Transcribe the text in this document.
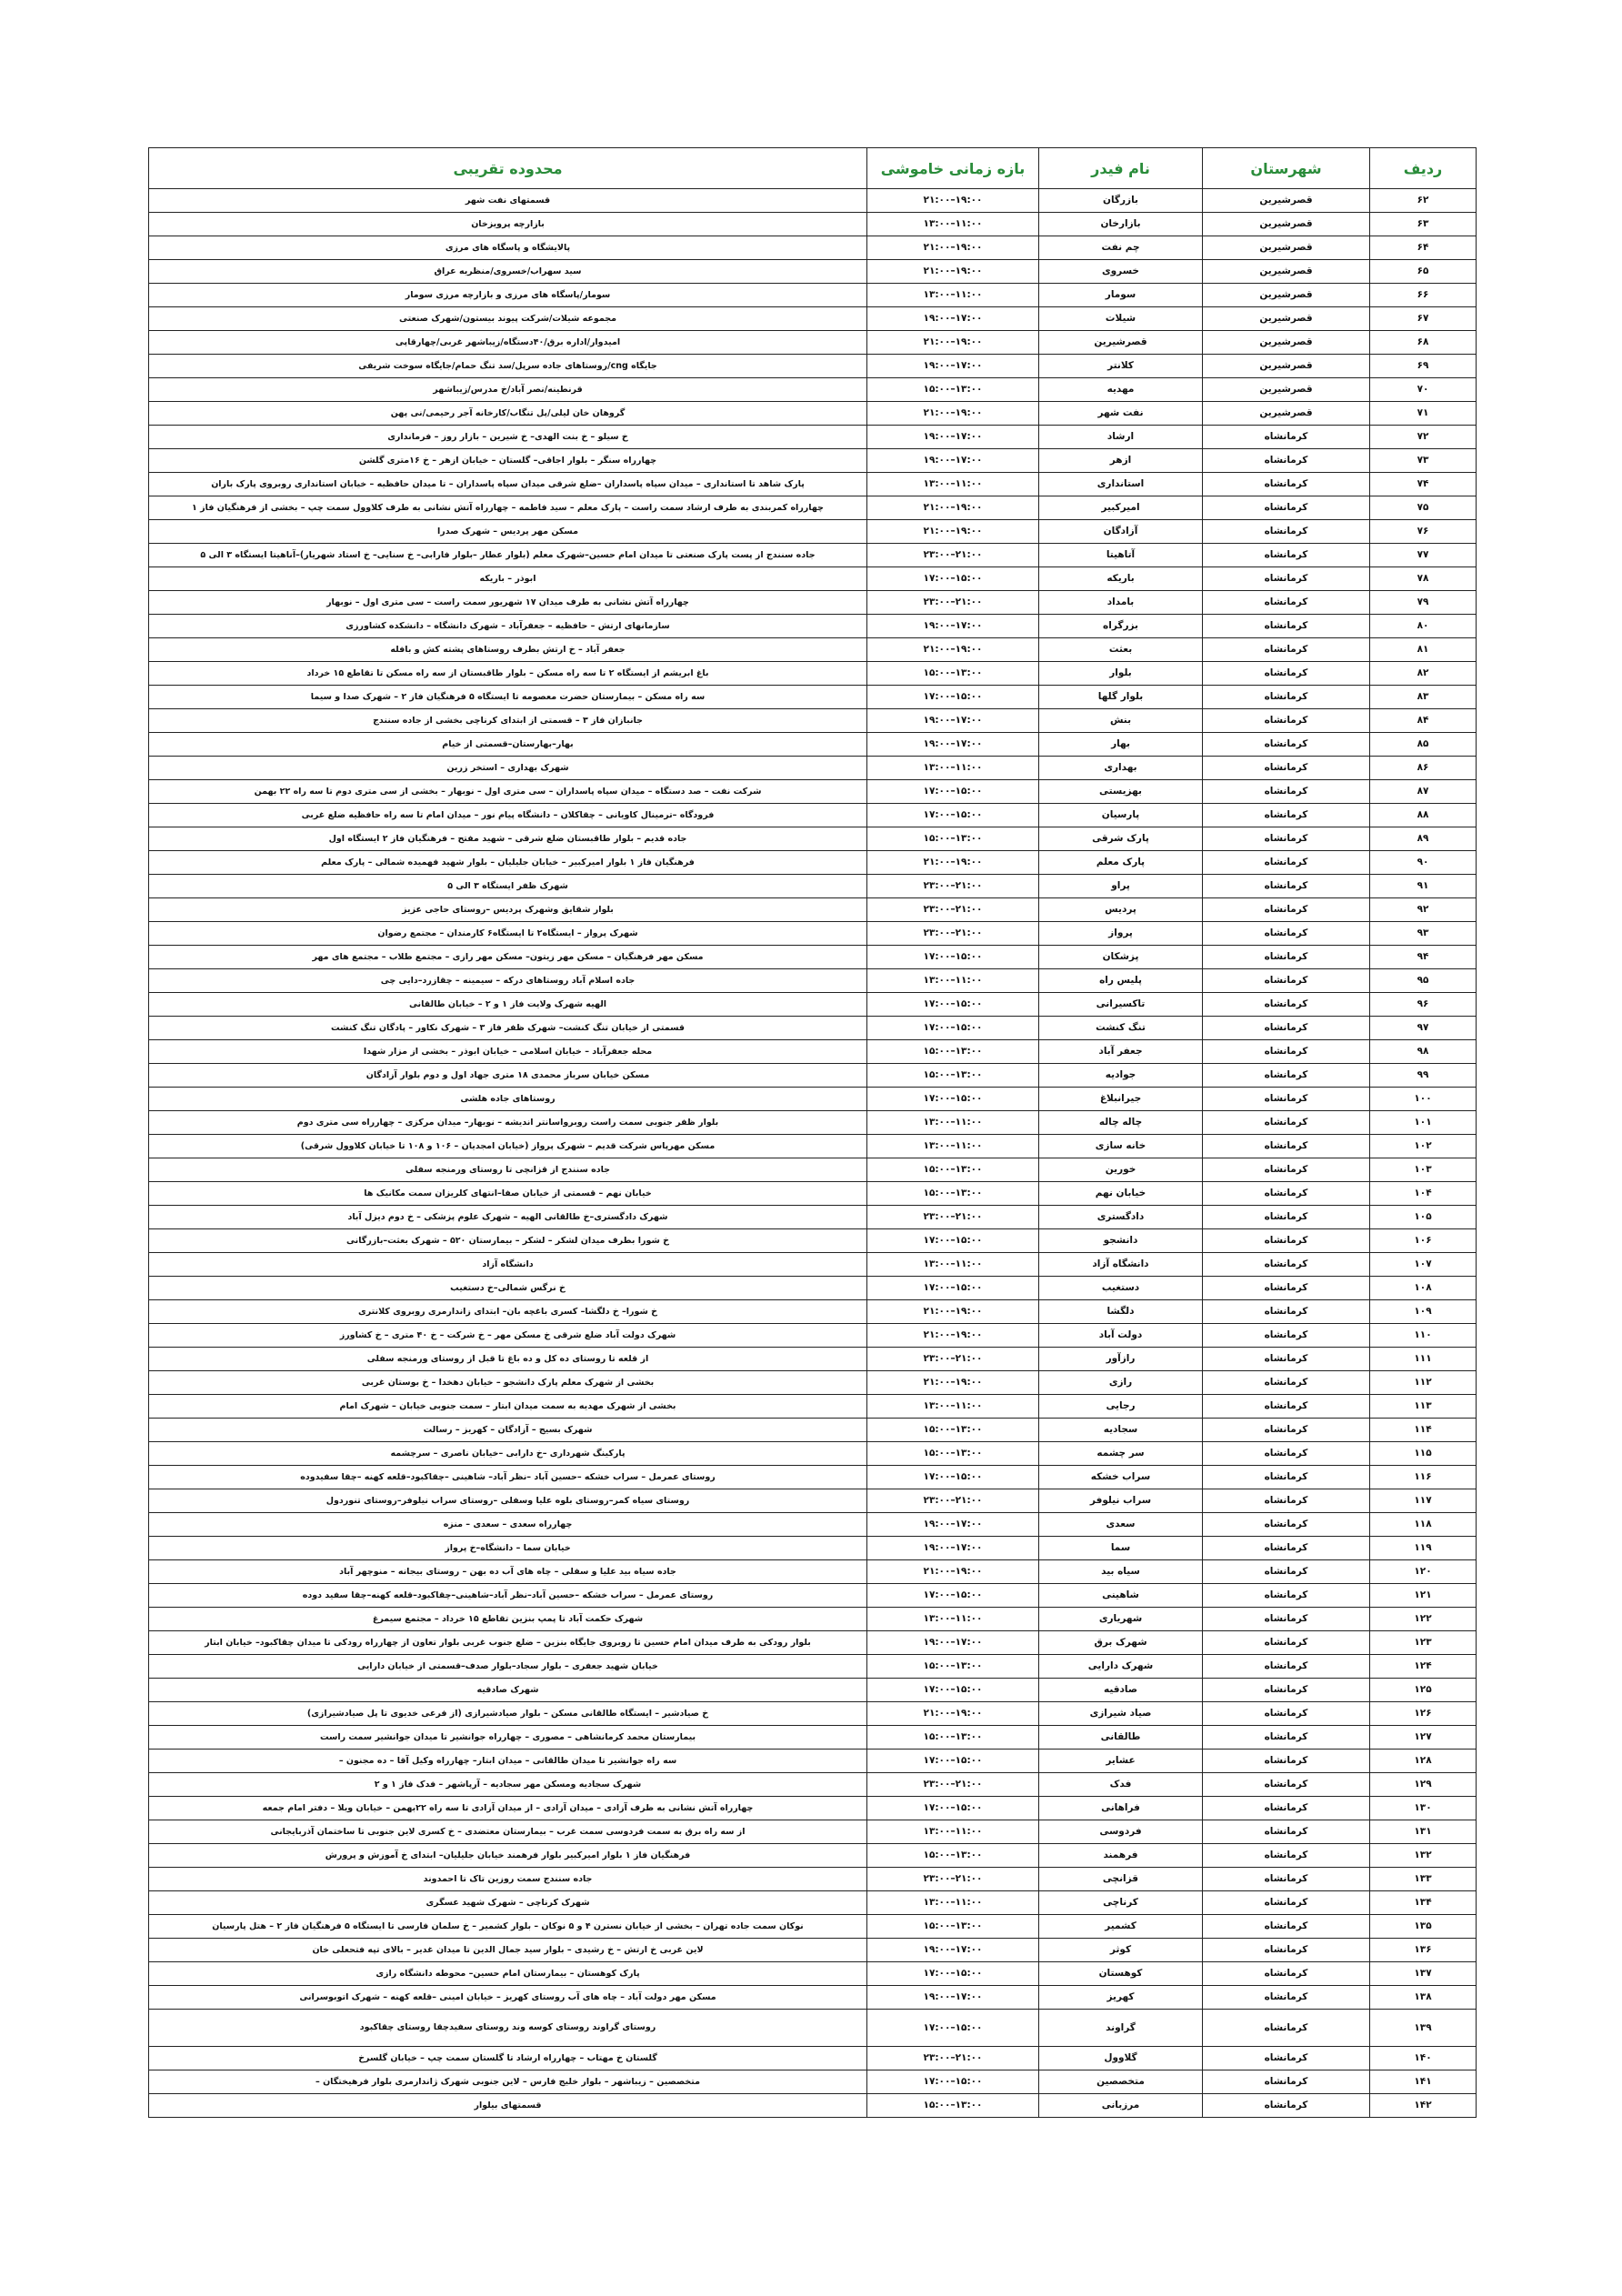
ردیف	شهرستان	نام فیدر	بازه زمانی خاموشی	محدوده تقریبی
۶۲	قصرشیرین	بازرگان	۱۹:۰۰–۲۱:۰۰	قسمتهای نفت شهر
۶۳	قصرشیرین	بازارخان	۱۱:۰۰–۱۳:۰۰	بازارچه پرویزخان
۶۴	قصرشیرین	چم نفت	۱۹:۰۰–۲۱:۰۰	پالایشگاه و پاسگاه های مرزی
۶۵	قصرشیرین	خسروی	۱۹:۰۰–۲۱:۰۰	سید سهراب/خسروی/منظریه عراق
۶۶	قصرشیرین	سومار	۱۱:۰۰–۱۳:۰۰	سومار/پاسگاه های مرزی و بازارچه مرزی سومار
۶۷	قصرشیرین	شیلات	۱۷:۰۰–۱۹:۰۰	مجموعه شیلات/شرکت پیوند بیستون/شهرک صنعتی
۶۸	قصرشیرین	قصرشیرین	۱۹:۰۰–۲۱:۰۰	امیدوار/اداره برق/۴۰دستگاه/زیباشهر غربی/چهارقاپی
۶۹	قصرشیرین	کلانتر	۱۷:۰۰–۱۹:۰۰	جایگاه cng/روستاهای جاده سرپل/سد تنگ حمام/جایگاه سوخت شریفی
۷۰	قصرشیرین	مهدیه	۱۳:۰۰–۱۵:۰۰	قرنطینه/نصر آباد/خ مدرس/زیباشهر
۷۱	قصرشیرین	نفت شهر	۱۹:۰۰–۲۱:۰۰	گروهان خان لیلی/پل تنگاب/کارخانه آجر رحیمی/نی پهن
۷۲	کرمانشاه	ارشاد	۱۷:۰۰–۱۹:۰۰	خ سیلو – خ بنت الهدی– خ شیرین – بازار روز – فرمانداری
۷۳	کرمانشاه	ازهر	۱۷:۰۰–۱۹:۰۰	چهارراه سنگر – بلوار اجاقی– گلستان – خیابان ازهر – خ ۱۶متری گلشن
۷۴	کرمانشاه	استانداری	۱۱:۰۰–۱۳:۰۰	پارک شاهد تا استانداری – میدان سپاه پاسداران –ضلع شرقی میدان سپاه پاسداران – تا میدان حافظیه – خیابان استانداری روبروی پارک باران
۷۵	کرمانشاه	امیرکبیر	۱۹:۰۰–۲۱:۰۰	چهارراه کمربندی به طرف ارشاد سمت راست – پارک معلم – سید فاطمه – چهارراه آتش نشانی به طرف کلاوول سمت چپ – بخشی از فرهنگیان فاز ۱
۷۶	کرمانشاه	آزادگان	۱۹:۰۰–۲۱:۰۰	مسکن مهر پردیس – شهرک صدرا
۷۷	کرمانشاه	آتاهیتا	۲۱:۰۰–۲۳:۰۰	جاده سنندج از پست پارک صنعتی تا میدان امام حسین–شهرک معلم (بلوار عطار –بلوار فارابی– خ سنایی– خ استاد شهریار)–آناهیتا ایستگاه ۳ الی ۵
۷۸	کرمانشاه	باریکه	۱۵:۰۰–۱۷:۰۰	ابوذر – باریکه
۷۹	کرمانشاه	بامداد	۲۱:۰۰–۲۳:۰۰	چهارراه آتش نشانی به طرف میدان ۱۷ شهریور سمت راست – سی متری اول – نوبهار
۸۰	کرمانشاه	بزرگراه	۱۷:۰۰–۱۹:۰۰	سازمانهای ارتش – حافظیه – جعفرآباد – شهرک دانشگاه – دانشکده کشاورزی
۸۱	کرمانشاه	بعثت	۱۹:۰۰–۲۱:۰۰	جعفر آباد – خ ارتش بطرف روستاهای پشته کش و بافله
۸۲	کرمانشاه	بلوار	۱۳:۰۰–۱۵:۰۰	باغ ابریشم از ایستگاه ۲ تا سه راه مسکن – بلوار طاقبستان از سه راه مسکن تا تقاطع ۱۵ خرداد
۸۳	کرمانشاه	بلوار گلها	۱۵:۰۰–۱۷:۰۰	سه راه مسکن – بیمارستان حضرت معصومه تا ایستگاه ۵ فرهنگیان فاز ۲ – شهرک صدا و سیما
۸۴	کرمانشاه	بنش	۱۷:۰۰–۱۹:۰۰	جانبازان فاز ۳ – قسمتی از ابتدای کرناچی بخشی از جاده سنندج
۸۵	کرمانشاه	بهار	۱۷:۰۰–۱۹:۰۰	بهار–بهارستان–قسمتی از خیام
۸۶	کرمانشاه	بهداری	۱۱:۰۰–۱۳:۰۰	شهرک بهداری – استخر زرین
۸۷	کرمانشاه	بهزیستی	۱۵:۰۰–۱۷:۰۰	شرکت نفت – صد دستگاه – میدان سپاه پاسداران – سی متری اول – نوبهار – بخشی از سی متری دوم تا سه راه ۲۲ بهمن
۸۸	کرمانشاه	پارسیان	۱۵:۰۰–۱۷:۰۰	فرودگاه –ترمینال کاویانی – چقاکلان – دانشگاه پیام نور – میدان امام تا سه راه حافظیه ضلع غربی
۸۹	کرمانشاه	پارک شرقی	۱۳:۰۰–۱۵:۰۰	جاده قدیم – بلوار طاقبستان ضلع شرقی – شهید مفتح – فرهنگیان فاز ۲ ایستگاه اول
۹۰	کرمانشاه	پارک معلم	۱۹:۰۰–۲۱:۰۰	فرهنگیان فاز ۱ بلوار امیرکبیر – خیابان جلیلیان – بلوار شهید فهمیده شمالی – پارک معلم
۹۱	کرمانشاه	پراو	۲۱:۰۰–۲۳:۰۰	شهرک ظفر ایستگاه ۳ الی ۵
۹۲	کرمانشاه	پردیس	۲۱:۰۰–۲۳:۰۰	بلوار شقایق وشهرک پردیس –روستای حاجی عزیز
۹۳	کرمانشاه	پرواز	۲۱:۰۰–۲۳:۰۰	شهرک پرواز – ایستگاه۲ تا ایستگاه۶ کارمندان – مجتمع رضوان
۹۴	کرمانشاه	پزشکان	۱۵:۰۰–۱۷:۰۰	مسکن مهر فرهنگیان – مسکن مهر زیتون– مسکن مهر رازی – مجتمع طلاب – مجتمع های مهر
۹۵	کرمانشاه	پلیس راه	۱۱:۰۰–۱۳:۰۰	جاده اسلام آباد روستاهای درکه – سیمینه – چقازرد–دایی چی
۹۶	کرمانشاه	تاکسیرانی	۱۵:۰۰–۱۷:۰۰	الهیه شهرک ولایت فاز ۱ و ۲ – خیابان طالقانی
۹۷	کرمانشاه	تنگ کنشت	۱۵:۰۰–۱۷:۰۰	قسمتی از خیابان تنگ کنشت– شهرک ظفر فاز ۳ – شهرک نکاور – پادگان تنگ کنشت
۹۸	کرمانشاه	جعفر آباد	۱۳:۰۰–۱۵:۰۰	محله جعفرآباد – خیابان اسلامی – خیابان ابوذر – بخشی از مزار شهدا
۹۹	کرمانشاه	جوادیه	۱۳:۰۰–۱۵:۰۰	مسکن خیابان سرباز محمدی ۱۸ متری جهاد اول و دوم بلوار آزادگان
۱۰۰	کرمانشاه	جیرانبلاغ	۱۵:۰۰–۱۷:۰۰	روستاهای جاده هلشی
۱۰۱	کرمانشاه	چاله چاله	۱۱:۰۰–۱۳:۰۰	بلوار ظفر جنوبی سمت راست روبرواسانتر اندیشه – نوبهار– میدان مرکزی – چهارراه سی متری دوم
۱۰۲	کرمانشاه	خانه سازی	۱۱:۰۰–۱۳:۰۰	مسکن مهرپاس شرکت قدیم – شهرک پرواز (خیابان امجدیان – ۱۰۶ و ۱۰۸ تا خیابان کلاوول شرقی)
۱۰۳	کرمانشاه	خورین	۱۳:۰۰–۱۵:۰۰	جاده سنندج از قزانچی تا روستای ورمنجه سفلی
۱۰۴	کرمانشاه	خیابان نهم	۱۳:۰۰–۱۵:۰۰	خیابان نهم – قسمتی از خیابان صفا–انتهای کلریزان سمت مکانیک ها
۱۰۵	کرمانشاه	دادگستری	۲۱:۰۰–۲۳:۰۰	شهرک دادگستری–خ طالقانی الهیه – شهرک علوم پزشکی – خ دوم دیزل آباد
۱۰۶	کرمانشاه	دانشجو	۱۵:۰۰–۱۷:۰۰	خ شورا بطرف میدان لشکر – لشکر – بیمارستان ۵۲۰ – شهرک بعثت–بازرگانی
۱۰۷	کرمانشاه	دانشگاه آزاد	۱۱:۰۰–۱۳:۰۰	دانشگاه آزاد
۱۰۸	کرمانشاه	دستغیب	۱۵:۰۰–۱۷:۰۰	خ نرگس شمالی–خ دستغیب
۱۰۹	کرمانشاه	دلگشا	۱۹:۰۰–۲۱:۰۰	خ شورا– خ دلگشا– کسری باغچه بان– ابتدای زاندارمری روبروی کلانتری
۱۱۰	کرمانشاه	دولت آباد	۱۹:۰۰–۲۱:۰۰	شهرک دولت آباد ضلع شرقی خ مسکن مهر – خ شرکت – خ ۴۰ متری – خ کشاورز
۱۱۱	کرمانشاه	رازآور	۲۱:۰۰–۲۳:۰۰	از قلعه تا روستای ده کل و ده باغ تا قبل از روستای ورمنجه سفلی
۱۱۲	کرمانشاه	رازی	۱۹:۰۰–۲۱:۰۰	بخشی از شهرک معلم پارک دانشجو – خیابان دهخدا – خ بوستان غربی
۱۱۳	کرمانشاه	رجایی	۱۱:۰۰–۱۳:۰۰	بخشی از شهرک مهدیه به سمت میدان ابتار – سمت جنوبی خیابان – شهرک امام
۱۱۴	کرمانشاه	سجادیه	۱۳:۰۰–۱۵:۰۰	شهرک بسیج – آزادگان – کهریز – رسالت
۱۱۵	کرمانشاه	سر چشمه	۱۳:۰۰–۱۵:۰۰	پارکینگ شهرداری –خ دارابی –خیابان ناصری – سرچشمه
۱۱۶	کرمانشاه	سراب خشکه	۱۵:۰۰–۱۷:۰۰	روستای عمرمل – سراب خشکه –حسین آباد –نظر آباد– شاهینی –چقاکبود–قلعه کهنه –چقا سفیدوده
۱۱۷	کرمانشاه	سراب نیلوفر	۲۱:۰۰–۲۳:۰۰	روستای سیاه کمر–روستای بلوه علیا وسفلی –روستای سراب نیلوفر–روستای تنوردول
۱۱۸	کرمانشاه	سعدی	۱۷:۰۰–۱۹:۰۰	چهارراه سعدی – سعدی – منزه
۱۱۹	کرمانشاه	سما	۱۷:۰۰–۱۹:۰۰	خیابان سما – دانشگاه–خ پرواز
۱۲۰	کرمانشاه	سیاه بید	۱۹:۰۰–۲۱:۰۰	جاده سیاه بید علیا و سفلی – چاه های آب ده بهن – روستای بیجانه – منوچهر آباد
۱۲۱	کرمانشاه	شاهینی	۱۵:۰۰–۱۷:۰۰	روستای عمرمل – سراب خشکه –حسین آباد–نظر آباد–شاهینی–چقاکبود–قلعه کهنه–چقا سفید دوده
۱۲۲	کرمانشاه	شهریاری	۱۱:۰۰–۱۳:۰۰	شهرک حکمت آباد تا پمپ بنزین تقاطع ۱۵ خرداد – مجتمع سیمرغ
۱۲۳	کرمانشاه	شهرک برق	۱۷:۰۰–۱۹:۰۰	بلوار رودکی به طرف میدان امام حسین تا روبروی جایگاه بنزین – ضلع جنوب غربی بلوار تعاون از چهارراه رودکی تا میدان چقاکبود– خیابان ابتار
۱۲۴	کرمانشاه	شهرک دارایی	۱۳:۰۰–۱۵:۰۰	خیابان شهید جعفری – بلوار سجاد–بلوار صدف–قسمتی از خیابان دارایی
۱۲۵	کرمانشاه	صادقیه	۱۵:۰۰–۱۷:۰۰	شهرک صادقیه
۱۲۶	کرمانشاه	صیاد شیرازی	۱۹:۰۰–۲۱:۰۰	خ صیادشیر – ایستگاه طالقانی مسکن – بلوار صیادشیرازی (از فرعی خدیوی تا پل صیادشیرازی)
۱۲۷	کرمانشاه	طالقانی	۱۳:۰۰–۱۵:۰۰	بیمارستان محمد کرمانشاهی – مصوری – چهارراه جوانشیر تا میدان جوانشیر سمت راست
۱۲۸	کرمانشاه	عشایر	۱۵:۰۰–۱۷:۰۰	سه راه جوانشیر تا میدان طالقانی – میدان ابتار– چهارراه وکیل آقا – ده مجنون –
۱۲۹	کرمانشاه	فدک	۲۱:۰۰–۲۳:۰۰	شهرک سجادیه ومسکن مهر سجادیه – آرپاشهر – فدک فاز ۱ و ۲
۱۳۰	کرمانشاه	فراهانی	۱۵:۰۰–۱۷:۰۰	چهارراه آتش نشانی به طرف آزادی – میدان آزادی – از میدان آزادی تا سه راه ۲۲بهمن – خیابان ویلا – دفتر امام جمعه
۱۳۱	کرمانشاه	فردوسی	۱۱:۰۰–۱۳:۰۰	از سه راه برق به سمت فردوسی سمت غرب – بیمارستان معتضدی – خ کسری لاین جنوبی تا ساختمان آذربایجانی
۱۳۲	کرمانشاه	فرهمند	۱۳:۰۰–۱۵:۰۰	فرهنگیان فاز ۱ بلوار امیرکبیر بلوار فرهمند خیابان جلیلیان– ابتدای خ آموزش و پرورش
۱۳۳	کرمانشاه	قزانچی	۲۱:۰۰–۲۳:۰۰	جاده سنندج سمت روزین تاک تا احمدوند
۱۳۴	کرمانشاه	کرناچی	۱۱:۰۰–۱۳:۰۰	شهرک کرناچی – شهرک شهید عسگری
۱۳۵	کرمانشاه	کشمیر	۱۳:۰۰–۱۵:۰۰	نوکان سمت جاده تهران – بخشی از خیابان نسترن ۴ و ۵ نوکان – بلوار کشمیر – خ سلمان فارسی تا ایستگاه ۵ فرهنگیان فاز ۲ – هتل پارسیان
۱۳۶	کرمانشاه	کوثر	۱۷:۰۰–۱۹:۰۰	لاین غربی خ ارتش – خ رشیدی – بلوار سید جمال الدین تا میدان غدیر – بالای تپه فتحعلی خان
۱۳۷	کرمانشاه	کوهستان	۱۵:۰۰–۱۷:۰۰	پارک کوهستان – بیمارستان امام حسین– محوطه دانشگاه رازی
۱۳۸	کرمانشاه	کهریز	۱۷:۰۰–۱۹:۰۰	مسکن مهر دولت آباد – چاه های آب روستای کهریز – خیابان امینی –قلعه کهنه – شهرک اتوبوسرانی
۱۳۹	کرمانشاه	گراوند	۱۵:۰۰–۱۷:۰۰	روستای گراوند روستای کوسه وند روستای سفیدچقا روستای چقاکبود
۱۴۰	کرمانشاه	گلاوول	۲۱:۰۰–۲۳:۰۰	گلستان خ مهتاب – چهارراه ارشاد تا گلستان سمت چپ – خیابان گلسرخ
۱۴۱	کرمانشاه	متخصصین	۱۵:۰۰–۱۷:۰۰	متخصصین – زیباشهر – بلوار خلیج فارس – لاین جنوبی شهرک ژاندارمری بلوار فرهیختگان –
۱۴۲	کرمانشاه	مرزبانی	۱۳:۰۰–۱۵:۰۰	قسمتهای بیلوار
